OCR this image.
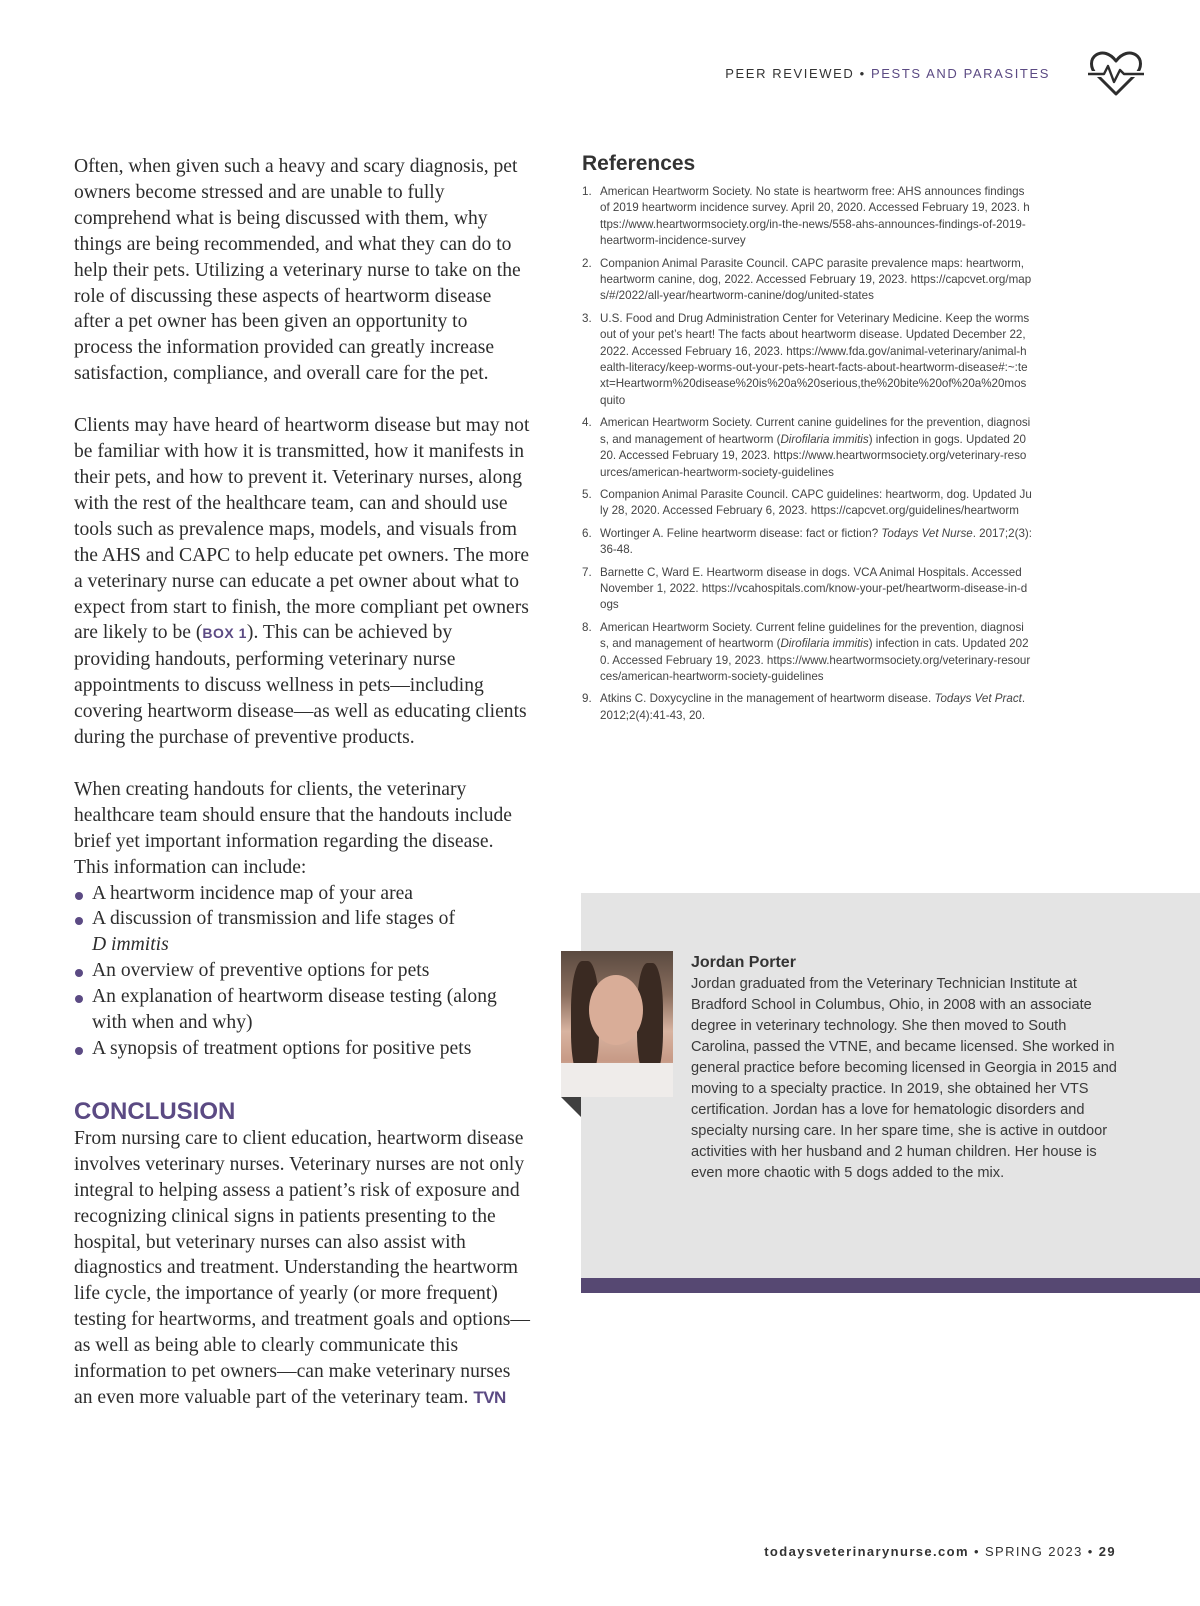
PEER REVIEWED • PESTS AND PARASITES

Often, when given such a heavy and scary diagnosis, pet owners become stressed and are unable to fully comprehend what is being discussed with them, why things are being recommended, and what they can do to help their pets. Utilizing a veterinary nurse to take on the role of discussing these aspects of heartworm disease after a pet owner has been given an opportunity to process the information provided can greatly increase satisfaction, compliance, and overall care for the pet.

Clients may have heard of heartworm disease but may not be familiar with how it is transmitted, how it manifests in their pets, and how to prevent it. Veterinary nurses, along with the rest of the healthcare team, can and should use tools such as prevalence maps, models, and visuals from the AHS and CAPC to help educate pet owners. The more a veterinary nurse can educate a pet owner about what to expect from start to finish, the more compliant pet owners are likely to be (BOX 1). This can be achieved by providing handouts, performing veterinary nurse appointments to discuss wellness in pets—including covering heartworm disease—as well as educating clients during the purchase of preventive products.

When creating handouts for clients, the veterinary healthcare team should ensure that the handouts include brief yet important information regarding the disease. This information can include:

A heartworm incidence map of your area
A discussion of transmission and life stages of
D immitis
An overview of preventive options for pets
An explanation of heartworm disease testing (along with when and why)
A synopsis of treatment options for positive pets
CONCLUSION

From nursing care to client education, heartworm disease involves veterinary nurses. Veterinary nurses are not only integral to helping assess a patient’s risk of exposure and recognizing clinical signs in patients presenting to the hospital, but veterinary nurses can also assist with diagnostics and treatment. Understanding the heartworm life cycle, the importance of yearly (or more frequent) testing for heartworms, and treatment goals and options—as well as being able to clearly communicate this information to pet owners—can make veterinary nurses an even more valuable part of the veterinary team. TVN

References
1. American Heartworm Society. No state is heartworm free: AHS announces findings of 2019 heartworm incidence survey. April 20, 2020. Accessed February 19, 2023. https://www.heartwormsociety.org/in-the-news/558-ahs-announces-findings-of-2019-heartworm-incidence-survey
2. Companion Animal Parasite Council. CAPC parasite prevalence maps: heartworm, heartworm canine, dog, 2022. Accessed February 19, 2023. https://capcvet.org/maps/#/2022/all-year/heartworm-canine/dog/united-states
3. U.S. Food and Drug Administration Center for Veterinary Medicine. Keep the worms out of your pet’s heart! The facts about heartworm disease. Updated December 22, 2022. Accessed February 16, 2023. https://www.fda.gov/animal-veterinary/animal-health-literacy/keep-worms-out-your-pets-heart-facts-about-heartworm-disease#:~:text=Heartworm%20disease%20is%20a%20serious,the%20bite%20of%20a%20mosquito
4. American Heartworm Society. Current canine guidelines for the prevention, diagnosis, and management of heartworm (Dirofilaria immitis) infection in gogs. Updated 2020. Accessed February 19, 2023. https://www.heartwormsociety.org/veterinary-resources/american-heartworm-society-guidelines
5. Companion Animal Parasite Council. CAPC guidelines: heartworm, dog. Updated July 28, 2020. Accessed February 6, 2023. https://capcvet.org/guidelines/heartworm
6. Wortinger A. Feline heartworm disease: fact or fiction? Todays Vet Nurse. 2017;2(3):36-48.
7. Barnette C, Ward E. Heartworm disease in dogs. VCA Animal Hospitals. Accessed November 1, 2022. https://vcahospitals.com/know-your-pet/heartworm-disease-in-dogs
8. American Heartworm Society. Current feline guidelines for the prevention, diagnosis, and management of heartworm (Dirofilaria immitis) infection in cats. Updated 2020. Accessed February 19, 2023. https://www.heartwormsociety.org/veterinary-resources/american-heartworm-society-guidelines
9. Atkins C. Doxycycline in the management of heartworm disease. Todays Vet Pract. 2012;2(4):41-43, 20.
Jordan Porter
Jordan graduated from the Veterinary Technician Institute at Bradford School in Columbus, Ohio, in 2008 with an associate degree in veterinary technology. She then moved to South Carolina, passed the VTNE, and became licensed. She worked in general practice before becoming licensed in Georgia in 2015 and moving to a specialty practice. In 2019, she obtained her VTS certification. Jordan has a love for hematologic disorders and specialty nursing care. In her spare time, she is active in outdoor activities with her husband and 2 human children. Her house is even more chaotic with 5 dogs added to the mix.
todaysveterinarynurse.com • SPRING 2023 • 29
